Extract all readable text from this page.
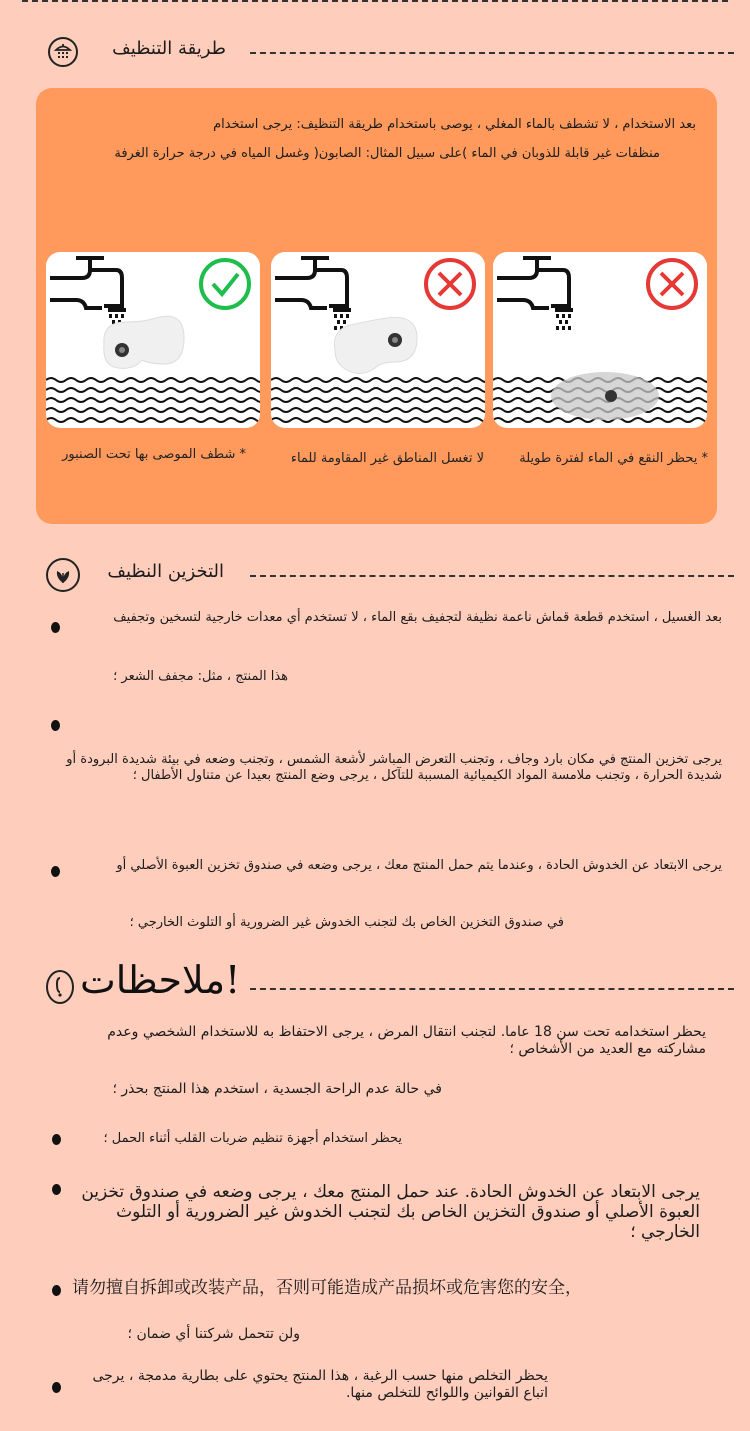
طريقة التنظيف
بعد الاستخدام ، لا تشطف بالماء المغلي ، يوصى باستخدام طريقة التنظيف: يرجى استخدام
منظفات غير قابلة للذوبان في الماء )على سبيل المثال: الصابون( وغسل المياه في درجة حرارة الغرفة
* يحظر النقع في الماء لفترة طويلة
لا تغسل المناطق غير المقاومة للماء
* شطف الموصى بها تحت الصنبور
التخزين النظيف
بعد الغسيل ، استخدم قطعة قماش ناعمة نظيفة لتجفيف بقع الماء ، لا تستخدم أي معدات خارجية لتسخين وتجفيف
هذا المنتج ، مثل: مجفف الشعر ؛
يرجى تخزين المنتج في مكان بارد وجاف ، وتجنب التعرض المباشر لأشعة الشمس ، وتجنب وضعه في بيئة شديدة البرودة أو شديدة الحرارة ، وتجنب ملامسة المواد الكيميائية المسببة للتآكل ، يرجى وضع المنتج بعيدا عن متناول الأطفال ؛
يرجى الابتعاد عن الخدوش الحادة ، وعندما يتم حمل المنتج معك ، يرجى وضعه في صندوق تخزين العبوة الأصلي أو
في صندوق التخزين الخاص بك لتجنب الخدوش غير الضرورية أو التلوث الخارجي ؛
ملاحظات!
يحظر استخدامه تحت سن 18 عاما. لتجنب انتقال المرض ، يرجى الاحتفاظ به للاستخدام الشخصي وعدم مشاركته مع العديد من الأشخاص ؛
في حالة عدم الراحة الجسدية ، استخدم هذا المنتج بحذر ؛
يحظر استخدام أجهزة تنظيم ضربات القلب أثناء الحمل ؛
يرجى الابتعاد عن الخدوش الحادة. عند حمل المنتج معك ، يرجى وضعه في صندوق تخزين العبوة الأصلي أو صندوق التخزين الخاص بك لتجنب الخدوش غير الضرورية أو التلوث الخارجي ؛
请勿擅自拆卸或改装产品，否则可能造成产品损坏或危害您的安全，
ولن تتحمل شركتنا أي ضمان ؛
يحظر التخلص منها حسب الرغبة ، هذا المنتج يحتوي على بطارية مدمجة ، يرجى اتباع القوانين واللوائح للتخلص منها.
